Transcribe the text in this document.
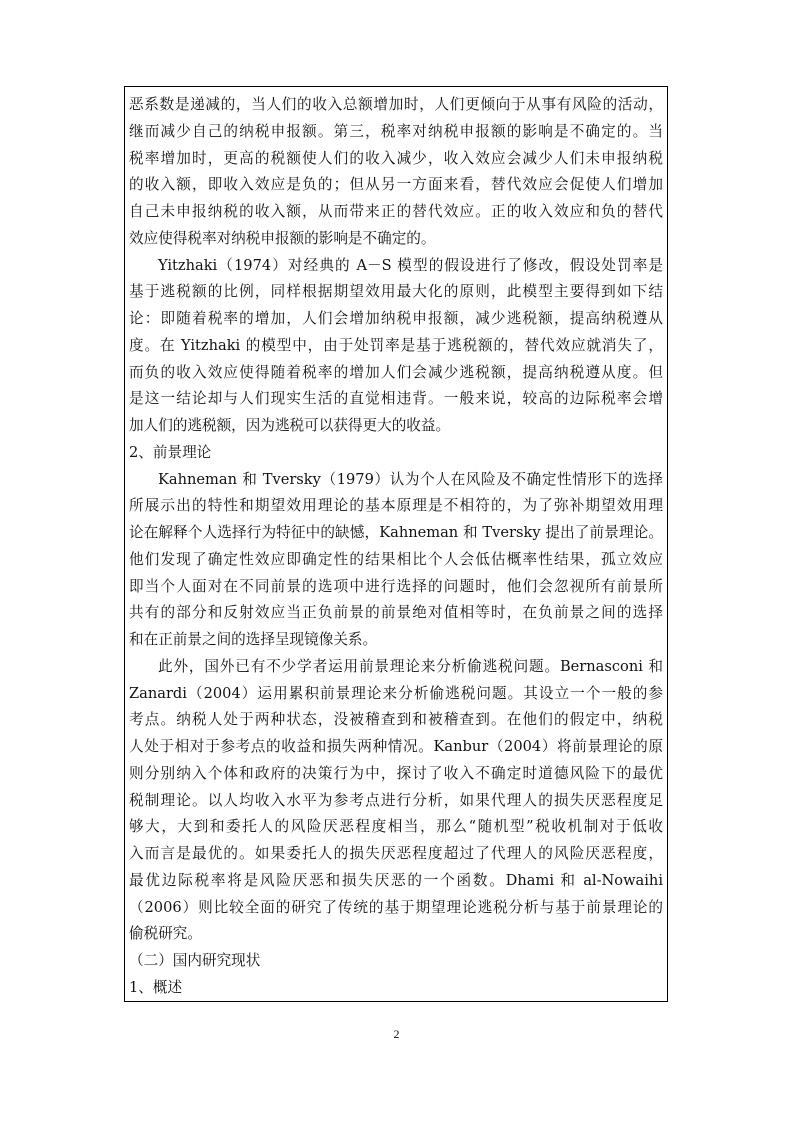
恶系数是递减的，当人们的收入总额增加时，人们更倾向于从事有风险的活动，
继而减少自己的纳税申报额。第三，税率对纳税申报额的影响是不确定的。当
税率增加时，更高的税额使人们的收入减少，收入效应会减少人们未申报纳税
的收入额，即收入效应是负的；但从另一方面来看，替代效应会促使人们增加
自己未申报纳税的收入额，从而带来正的替代效应。正的收入效应和负的替代
效应使得税率对纳税申报额的影响是不确定的。
Yitzhaki（1974）对经典的 A－S 模型的假设进行了修改，假设处罚率是
基于逃税额的比例，同样根据期望效用最大化的原则，此模型主要得到如下结
论：即随着税率的增加，人们会增加纳税申报额，减少逃税额，提高纳税遵从
度。在 Yitzhaki 的模型中，由于处罚率是基于逃税额的，替代效应就消失了，
而负的收入效应使得随着税率的增加人们会减少逃税额，提高纳税遵从度。但
是这一结论却与人们现实生活的直觉相违背。一般来说，较高的边际税率会增
加人们的逃税额，因为逃税可以获得更大的收益。
2、前景理论
Kahneman 和 Tversky（1979）认为个人在风险及不确定性情形下的选择
所展示出的特性和期望效用理论的基本原理是不相符的，为了弥补期望效用理
论在解释个人选择行为特征中的缺憾，Kahneman 和 Tversky 提出了前景理论。
他们发现了确定性效应即确定性的结果相比个人会低估概率性结果，孤立效应
即当个人面对在不同前景的选项中进行选择的问题时，他们会忽视所有前景所
共有的部分和反射效应当正负前景的前景绝对值相等时，在负前景之间的选择
和在正前景之间的选择呈现镜像关系。
此外，国外已有不少学者运用前景理论来分析偷逃税问题。Bernasconi 和
Zanardi（2004）运用累积前景理论来分析偷逃税问题。其设立一个一般的参
考点。纳税人处于两种状态，没被稽查到和被稽查到。在他们的假定中，纳税
人处于相对于参考点的收益和损失两种情况。Kanbur（2004）将前景理论的原
则分别纳入个体和政府的决策行为中，探讨了收入不确定时道德风险下的最优
税制理论。以人均收入水平为参考点进行分析，如果代理人的损失厌恶程度足
够大，大到和委托人的风险厌恶程度相当，那么“随机型”税收机制对于低收
入而言是最优的。如果委托人的损失厌恶程度超过了代理人的风险厌恶程度，
最优边际税率将是风险厌恶和损失厌恶的一个函数。Dhami 和 al-Nowaihi
（2006）则比较全面的研究了传统的基于期望理论逃税分析与基于前景理论的
偷税研究。
（二）国内研究现状
1、概述
2
